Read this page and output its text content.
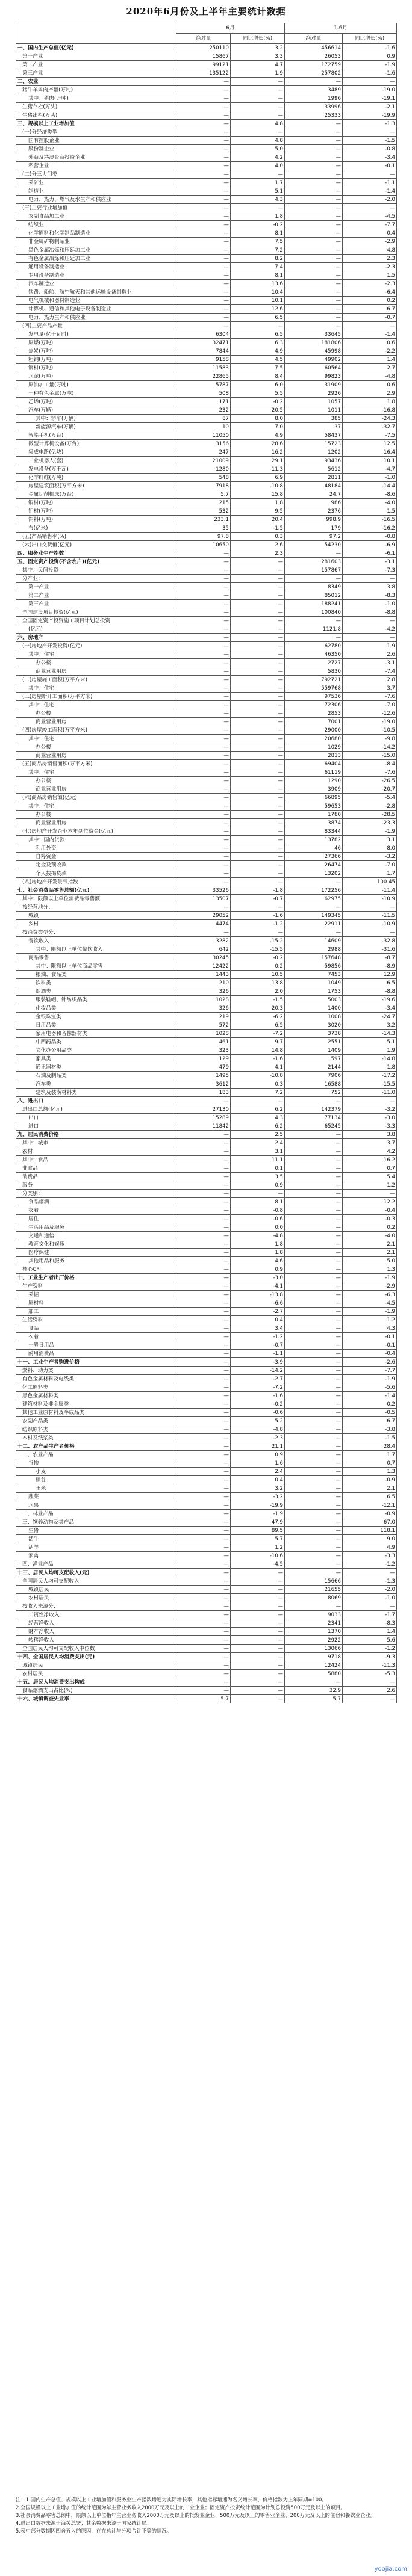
2020年6月份及上半年主要统计数据
	6月		1-6月	
	绝对量	同比增长(%)	绝对量	同比增长(%)
一、国内生产总值(亿元)	250110	3.2	456614	-1.6
第一产业	15867	3.3	26053	0.9
第二产业	99121	4.7	172759	-1.9
第三产业	135122	1.9	257802	-1.6
二、农业	—	—	—	—
猪牛羊禽肉产量(万吨)	—	—	3489	-19.0
其中：猪肉(万吨)	—	—	1996	-19.1
生猪存栏(万头)	—	—	33996	-2.1
生猪出栏(万头)	—	—	25333	-19.9
三、规模以上工业增加值	—	4.8	—	-1.3
(一)分经济类型	—	—	—	—
国有控股企业	—	4.8	—	-1.5
股份制企业	—	5.0	—	-0.8
外商及港澳台商投资企业	—	4.2	—	-3.4
私营企业	—	4.0	—	-0.1
(二)分三大门类	—	—	—	—
采矿业	—	1.7	—	-1.1
制造业	—	5.1	—	-1.4
电力、热力、燃气及水生产和供应业	—	4.3	—	-2.0
(三)主要行业增加值	—	—	—	—
农副食品加工业	—	1.8	—	-4.5
纺织业	—	-0.2	—	-7.7
化学原料和化学制品制造业	—	8.1	—	0.4
非金属矿物制品业	—	7.5	—	-2.9
黑色金属冶炼和压延加工业	—	7.2	—	4.8
有色金属冶炼和压延加工业	—	8.2	—	2.3
通用设备制造业	—	7.4	—	-2.3
专用设备制造业	—	8.1	—	1.5
汽车制造业	—	13.6	—	-2.3
铁路、船舶、航空航天和其他运输设备制造业	—	10.4	—	-6.4
电气机械和器材制造业	—	10.1	—	0.2
计算机、通信和其他电子设备制造业	—	12.6	—	6.7
电力、热力生产和供应业	—	6.5	—	-0.7
(四)主要产品产量	—	—	—	—
发电量(亿千瓦时)	6304	6.5	33645	-1.4
原煤(万吨)	32471	6.3	181806	0.6
焦炭(万吨)	7844	4.9	45998	-2.2
粗钢(万吨)	9158	4.5	49902	1.4
钢材(万吨)	11583	7.5	60564	2.7
水泥(万吨)	22865	8.4	99823	-4.8
原油加工量(万吨)	5787	6.0	31909	0.6
十种有色金属(万吨)	508	5.5	2926	2.9
乙烯(万吨)	171	-0.2	1057	1.8
汽车(万辆)	232	20.5	1011	-16.8
其中：轿车(万辆)	87	8.0	385	-24.3
新能源汽车(万辆)	10	7.0	37	-32.7
智能手机(万台)	11050	4.9	58437	-7.5
微型计算机设备(万台)	3156	28.6	15723	12.5
集成电路(亿块)	247	16.2	1202	16.4
工业机器人(套)	21009	29.1	93436	10.1
发电设备(万千瓦)	1280	11.3	5612	-4.7
化学纤维(万吨)	548	6.9	2811	-1.0
房屋建筑面积(万平方米)	7918	-10.8	48184	-14.4
金属切削机床(万台)	5.7	15.8	24.7	-8.6
铜材(万吨)	215	1.8	986	-4.0
铝材(万吨)	532	9.5	2376	1.5
饲料(万吨)	233.1	20.4	998.9	-16.5
布(亿米)	35	-1.5	179	-16.2
(五)产品销售率(%)	97.8	0.3	97.2	-0.8
(六)出口交货值(亿元)	10650	2.6	54230	-6.9
四、服务业生产指数	—	2.3	—	-6.1
五、固定资产投资(不含农户)(亿元)	—	—	281603	-3.1
其中：民间投资	—	—	157867	-7.3
分产业：	—	—	—	—
第一产业	—	—	8349	3.8
第二产业	—	—	85012	-8.3
第三产业	—	—	188241	-1.0
全国建设项目投资(亿元)	—	—	100840	-8.8
全国固定资产投资施工项目计划总投资	—	—	—	—
(亿元)	—	—	1121.8	-4.2
六、房地产	—	—	—	—
(一)房地产开发投资(亿元)	—	—	62780	1.9
其中：住宅	—	—	46350	2.6
办公楼	—	—	2727	-3.1
商业营业用房	—	—	5830	-7.4
(二)房屋施工面积(万平方米)	—	—	792721	2.8
其中：住宅	—	—	559768	3.7
(三)房屋新开工面积(万平方米)	—	—	97536	-7.6
其中：住宅	—	—	72306	-7.0
办公楼	—	—	2853	-12.6
商业营业用房	—	—	7001	-19.0
(四)房屋竣工面积(万平方米)	—	—	29000	-10.5
其中：住宅	—	—	20680	-9.8
办公楼	—	—	1029	-14.2
商业营业用房	—	—	2813	-15.0
(五)商品房销售面积(万平方米)	—	—	69404	-8.4
其中：住宅	—	—	61119	-7.6
办公楼	—	—	1290	-26.5
商业营业用房	—	—	3909	-20.7
(六)商品房销售额(亿元)	—	—	66895	-5.4
其中：住宅	—	—	59653	-2.8
办公楼	—	—	1780	-28.5
商业营业用房	—	—	3874	-23.3
(七)房地产开发企业本年到位资金(亿元)	—	—	83344	-1.9
其中：国内贷款	—	—	13782	3.1
利用外资	—	—	46	8.0
自筹资金	—	—	27366	-3.2
定金及预收款	—	—	26474	-7.0
个人按揭贷款	—	—	13202	1.7
(八)房地产开发景气指数	—	—	—	100.45
七、社会消费品零售总额(亿元)	33526	-1.8	172256	-11.4
其中：限额以上单位消费品零售额	13507	-0.7	62975	-10.9
按经营地分：	—	—	—	—
城镇	29052	-1.6	149345	-11.5
乡村	4474	-1.2	22911	-10.9
按消费类型分：	—	—	—	—
餐饮收入	3282	-15.2	14609	-32.8
其中：限额以上单位餐饮收入	642	-15.5	2988	-31.6
商品零售	30245	-0.2	157648	-8.7
其中：限额以上单位商品零售	12422	0.2	59856	-8.9
粮油、食品类	1443	10.5	7453	12.9
饮料类	210	13.8	1049	6.5
烟酒类	326	2.0	1753	-8.8
服装鞋帽、针纺织品类	1028	-1.5	5003	-19.6
化妆品类	326	20.3	1400	-3.4
金银珠宝类	219	-6.2	1008	-24.7
日用品类	572	6.5	3020	3.2
家用电器和音像器材类	1028	-7.2	3738	-14.3
中西药品类	461	9.7	2551	5.1
文化办公用品类	323	14.8	1409	1.9
家具类	129	-1.6	597	-14.8
通讯器材类	479	4.1	2144	1.8
石油及制品类	1495	-10.8	7906	-17.2
汽车类	3612	0.3	16588	-15.5
建筑及装潢材料类	183	7.2	752	-11.0
八、进出口	—	—	—	—
进出口总额(亿元)	27130	6.2	142379	-3.2
出口	15289	4.3	77134	-3.0
进口	11842	6.2	65245	-3.3
九、居民消费价格	—	2.5	—	3.8
其中：城市	—	2.4	—	3.7
农村	—	3.1	—	4.2
其中：食品	—	11.1	—	16.2
非食品	—	0.1	—	0.7
消费品	—	3.5	—	5.4
服务	—	0.9	—	1.2
分类别：	—	—	—	—
食品烟酒	—	8.1	—	12.2
衣着	—	-0.8	—	-0.4
居住	—	-0.6	—	-0.3
生活用品及服务	—	0.0	—	0.2
交通和通信	—	-4.8	—	-4.0
教育文化和娱乐	—	1.8	—	2.1
医疗保健	—	1.8	—	2.1
其他用品和服务	—	4.6	—	5.0
核心CPI	—	0.9	—	1.3
十、工业生产者出厂价格	—	-3.0	—	-1.9
生产资料	—	-4.1	—	-2.9
采掘	—	-13.8	—	-6.3
原材料	—	-6.6	—	-4.5
加工	—	-2.7	—	-1.9
生活资料	—	0.4	—	1.2
食品	—	3.4	—	4.3
衣着	—	-1.2	—	-0.1
一般日用品	—	-0.7	—	-0.1
耐用消费品	—	-1.1	—	-0.4
十一、工业生产者购进价格	—	-3.9	—	-2.6
燃料、动力类	—	-14.2	—	-7.7
有色金属材料及电线类	—	-2.7	—	-1.9
化工原料类	—	-7.2	—	-5.6
黑色金属材料类	—	-1.6	—	-1.4
建筑材料及非金属类	—	-0.2	—	0.2
其他工业原材料及半成品类	—	-0.6	—	-0.5
农副产品类	—	5.2	—	6.7
纺织原料类	—	-4.8	—	-3.8
木材及纸浆类	—	-2.3	—	-1.5
十二、农产品生产者价格	—	21.1	—	28.4
一、农业产品	—	0.9	—	1.7
谷物	—	1.6	—	0.7
小麦	—	2.4	—	1.3
稻谷	—	0.4	—	-0.9
玉米	—	3.2	—	2.1
蔬菜	—	-3.2	—	6.5
水果	—	-19.9	—	-12.1
二、林业产品	—	-1.9	—	-0.9
三、饲养动物及其产品	—	47.9	—	67.0
生猪	—	89.5	—	118.1
活牛	—	5.7	—	9.0
活羊	—	1.2	—	4.9
家禽	—	-10.6	—	-3.3
四、渔业产品	—	-4.5	—	-1.2
十三、居民人均可支配收入(元)	—	—	—	—
全国居民人均可支配收入	—	—	15666	-1.3
城镇居民	—	—	21655	-2.0
农村居民	—	—	8069	-1.0
按收入来源分：	—	—	—	—
工资性净收入	—	—	9033	-1.7
经营净收入	—	—	2341	-8.3
财产净收入	—	—	1370	1.4
转移净收入	—	—	2922	5.6
全国居民人均可支配收入中位数	—	—	13066	-1.2
十四、全国居民人均消费支出(元)	—	—	9718	-9.3
城镇居民	—	—	12424	-11.3
农村居民	—	—	5880	-5.3
十五、居民人均消费支出构成	—	—	—	—
食品烟酒支出占比(%)	—	—	32.9	2.6
十六、城镇调查失业率	5.7	—	5.7	—

注：1.国内生产总值、规模以上工业增加值和服务业生产指数增速为实际增长率，其他指标增速为名义增长率，价格指数为上年同期=100。

2.全国规模以上工业增加值的统计范围为年主营业务收入2000万元及以上的工业企业；固定资产投资统计范围为计划总投资500万元及以上的项目。

3.社会消费品零售总额中，限额以上单位指年主营业务收入2000万元及以上的批发业企业、500万元及以上的零售业企业、200万元及以上的住宿和餐饮业企业。

4.进出口数据来源于海关总署；其余数据来源于国家统计局。

5.表中部分数据因四舍五入的原因，存在总计与分项合计不等的情况。

yoojia.com
